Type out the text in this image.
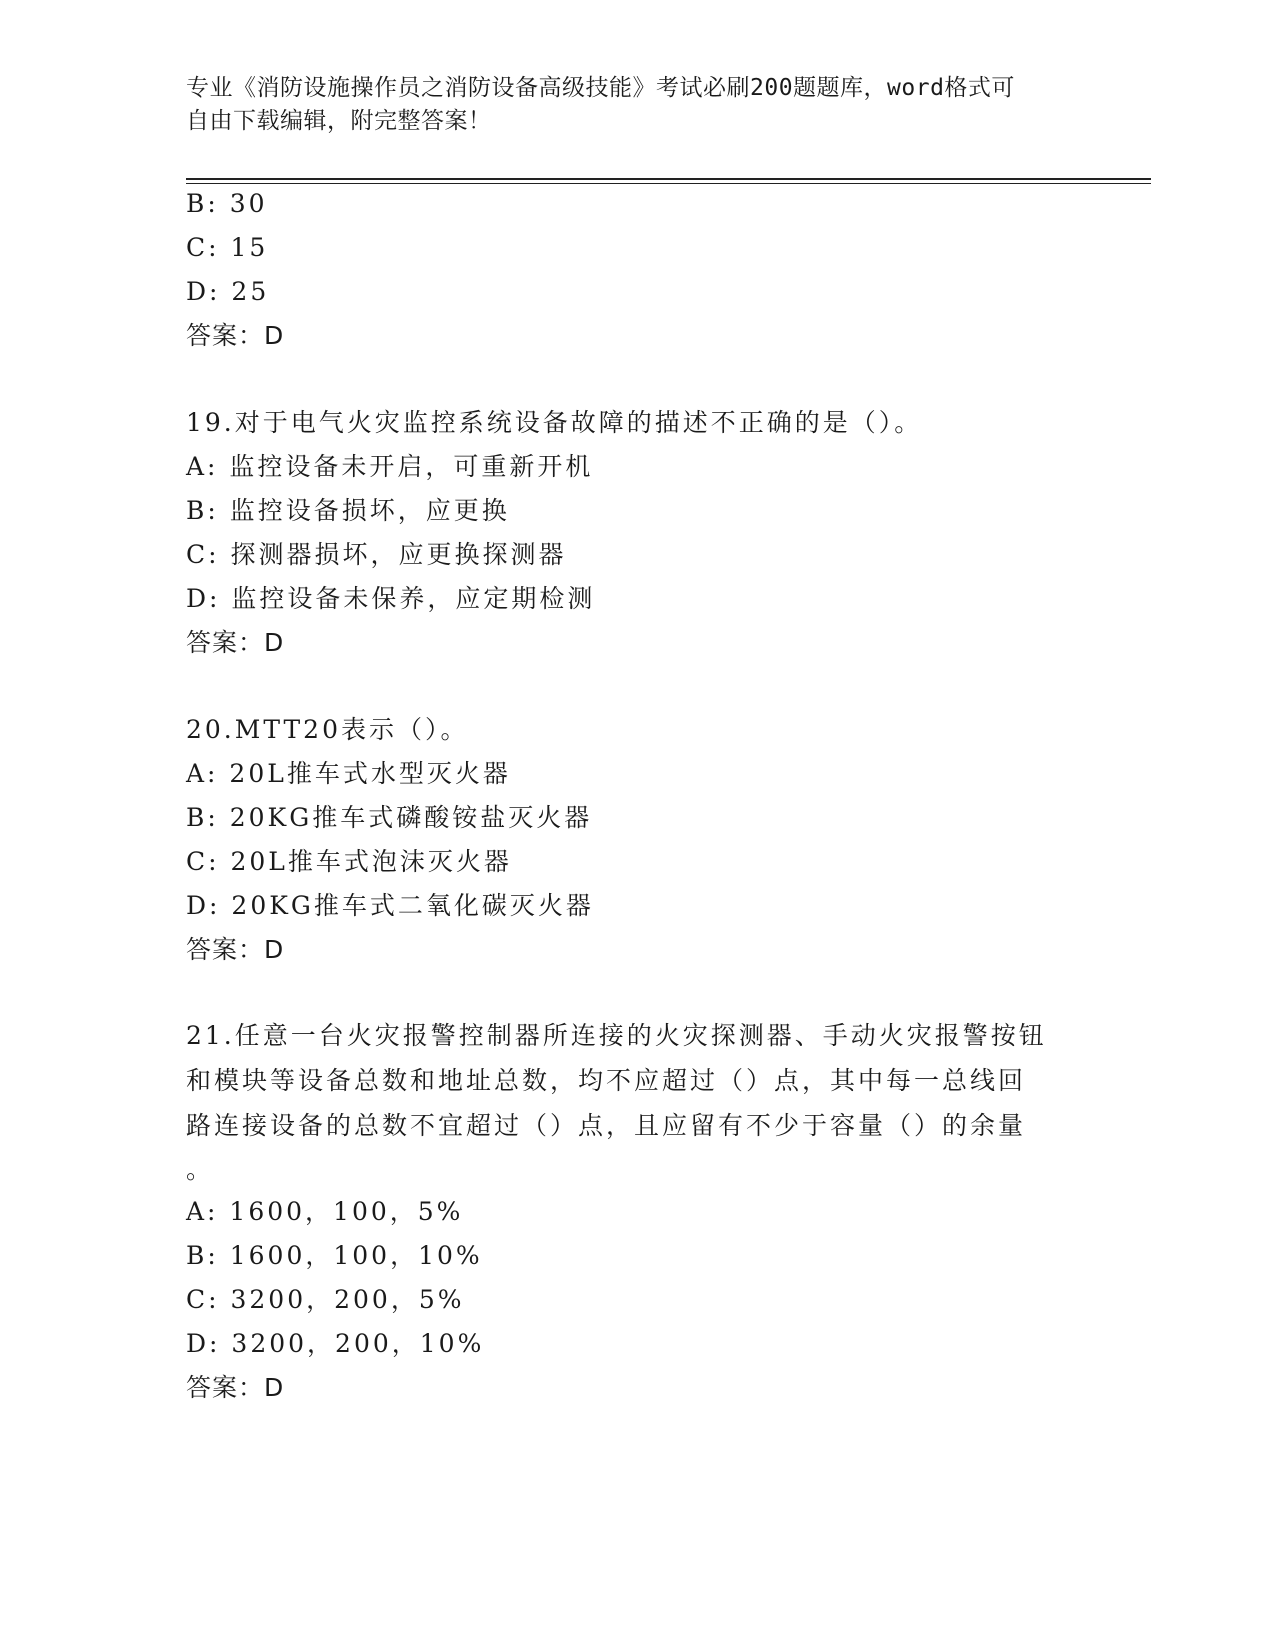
专业《消防设施操作员之消防设备高级技能》考试必刷200题题库，word格式可
自由下载编辑，附完整答案！
B: 30
C: 15
D: 25
答案：D
19.对于电气火灾监控系统设备故障的描述不正确的是（）。
A: 监控设备未开启，可重新开机
B: 监控设备损坏，应更换
C: 探测器损坏，应更换探测器
D: 监控设备未保养，应定期检测
答案：D
20.MTT20表示（）。
A: 20L推车式水型灭火器
B: 20KG推车式磷酸铵盐灭火器
C: 20L推车式泡沫灭火器
D: 20KG推车式二氧化碳灭火器
答案：D
21.任意一台火灾报警控制器所连接的火灾探测器、手动火灾报警按钮
和模块等设备总数和地址总数，均不应超过（）点，其中每一总线回
路连接设备的总数不宜超过（）点，且应留有不少于容量（）的余量
。
A: 1600，100，5%
B: 1600，100，10%
C: 3200，200，5%
D: 3200，200，10%
答案：D
